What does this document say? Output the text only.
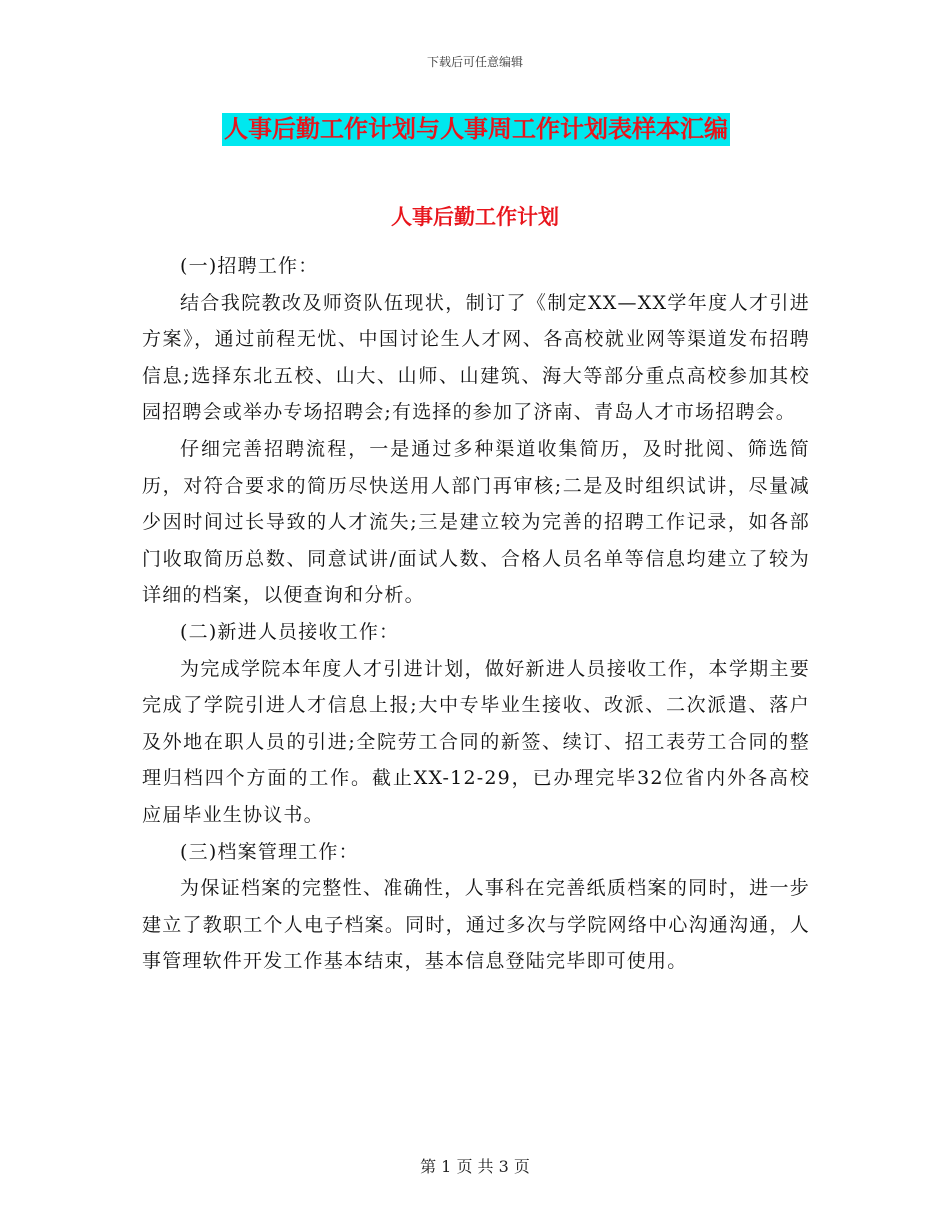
下载后可任意编辑
人事后勤工作计划与人事周工作计划表样本汇编
人事后勤工作计划

(一)招聘工作：

结合我院教改及师资队伍现状，制订了《制定XX—XX学年度人才引进方案》，通过前程无忧、中国讨论生人才网、各高校就业网等渠道发布招聘信息;选择东北五校、山大、山师、山建筑、海大等部分重点高校参加其校园招聘会或举办专场招聘会;有选择的参加了济南、青岛人才市场招聘会。

仔细完善招聘流程，一是通过多种渠道收集简历，及时批阅、筛选简历，对符合要求的简历尽快送用人部门再审核;二是及时组织试讲，尽量减少因时间过长导致的人才流失;三是建立较为完善的招聘工作记录，如各部门收取简历总数、同意试讲/面试人数、合格人员名单等信息均建立了较为详细的档案，以便查询和分析。

(二)新进人员接收工作：

为完成学院本年度人才引进计划，做好新进人员接收工作，本学期主要完成了学院引进人才信息上报;大中专毕业生接收、改派、二次派遣、落户及外地在职人员的引进;全院劳工合同的新签、续订、招工表劳工合同的整理归档四个方面的工作。截止XX-12-29，已办理完毕32位省内外各高校应届毕业生协议书。

(三)档案管理工作：

为保证档案的完整性、准确性，人事科在完善纸质档案的同时，进一步建立了教职工个人电子档案。同时，通过多次与学院网络中心沟通沟通，人事管理软件开发工作基本结束，基本信息登陆完毕即可使用。

第 1 页 共 3 页
